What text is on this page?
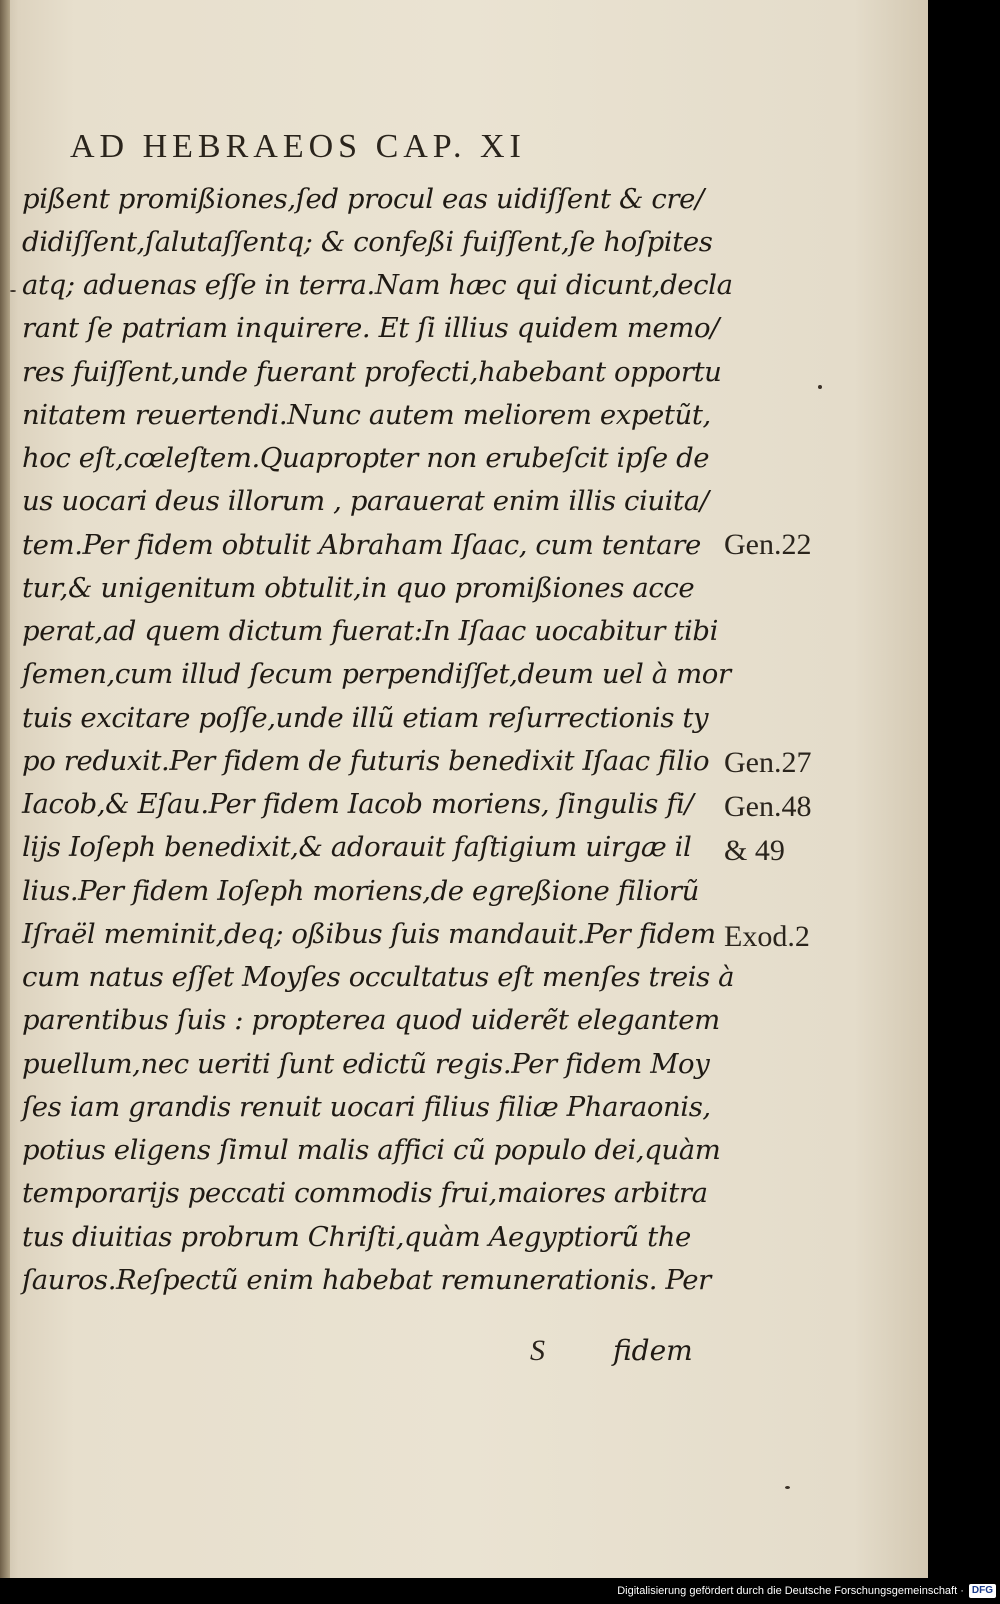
AD HEBRAEOS CAP. XI

pißent promißiones,ſed procul eas uidiſſent & cre/

didiſſent,ſalutaſſentq; & confeßi fuiſſent,ſe hoſpites

atq; aduenas eſſe in terra.Nam hæc qui dicunt,decla

rant ſe patriam inquirere. Et ſi illius quidem memo/

res fuiſſent,unde fuerant profecti,habebant opportu

nitatem reuertendi.Nunc autem meliorem expetũt,

hoc eſt,cœleſtem.Quapropter non erubeſcit ipſe de

us uocari deus illorum , parauerat enim illis ciuita/

tem.Per fidem obtulit Abraham Iſaac, cum tentare

tur,& unigenitum obtulit,in quo promißiones acce

perat,ad quem dictum fuerat:In Iſaac uocabitur tibi

ſemen,cum illud ſecum perpendiſſet,deum uel à mor

tuis excitare poſſe,unde illũ etiam reſurrectionis ty

po reduxit.Per fidem de futuris benedixit Iſaac filio

Iacob,& Eſau.Per fidem Iacob moriens, ſingulis fi/

lijs Ioſeph benedixit,& adorauit faſtigium uirgæ il

lius.Per fidem Ioſeph moriens,de egreßione filiorũ

Iſraël meminit,deq; oßibus ſuis mandauit.Per fidem

cum natus eſſet Moyſes occultatus eſt menſes treis à

parentibus ſuis : propterea quod uiderẽt elegantem

puellum,nec ueriti ſunt edictũ regis.Per fidem Moy

ſes iam grandis renuit uocari filius filiæ Pharaonis,

potius eligens ſimul malis affici cũ populo dei,quàm

temporarijs peccati commodis frui,maiores arbitra

tus diuitias probrum Chriſti,quàm Aegyptiorũ the

ſauros.Reſpectũ enim habebat remunerationis. Per

Gen.22

Gen.27

Gen.48

& 49

Exod.2

S fidem

Digitalisierung gefördert durch die Deutsche Forschungsgemeinschaft · DFG
